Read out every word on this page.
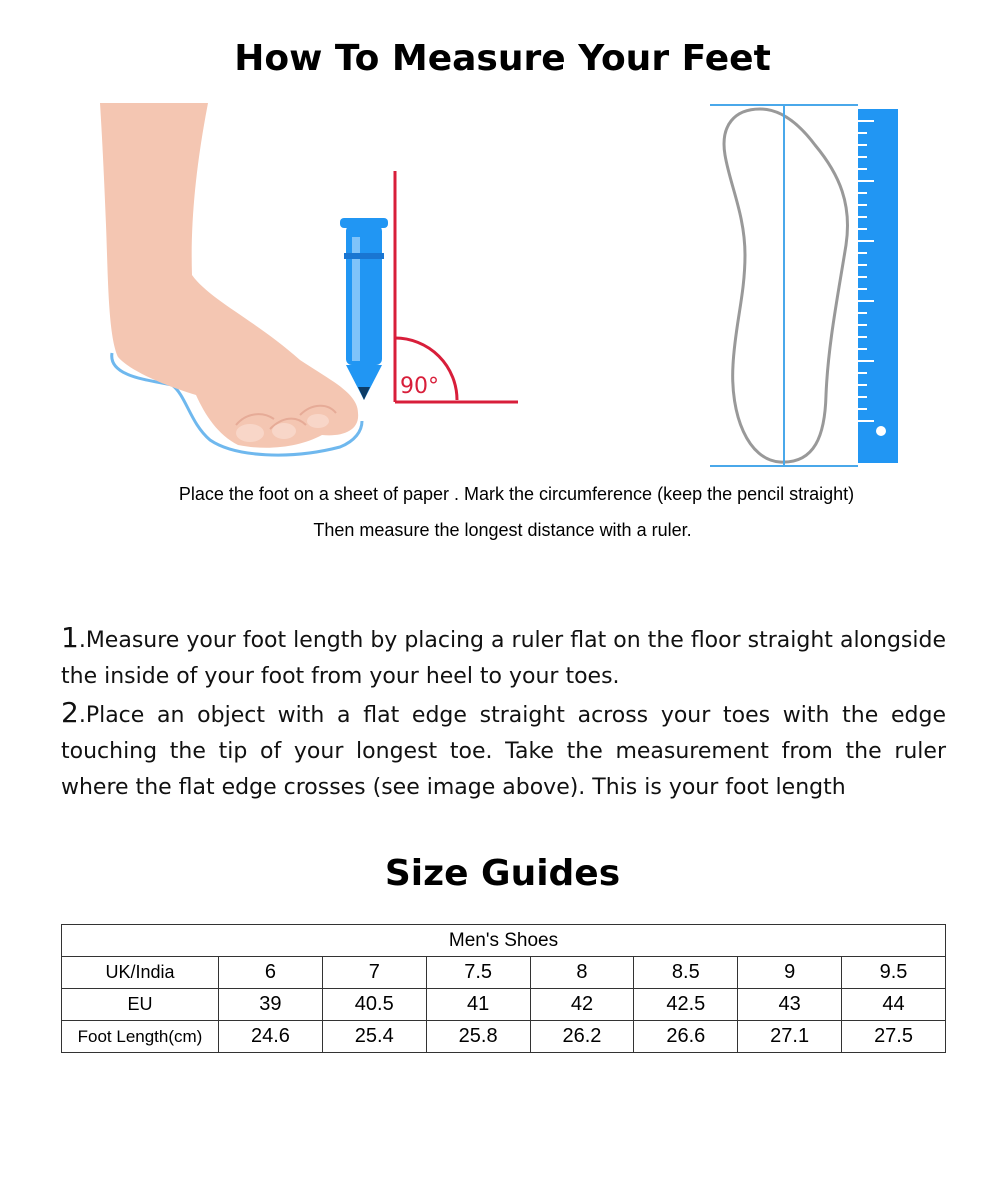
How To Measure Your Feet
90°
Place the foot on a sheet of paper . Mark the circumference (keep the pencil straight)
Then measure the longest distance with a ruler.

1.Measure your foot length by placing a ruler flat on the floor straight alongside the inside of your foot from your heel to your toes.

2.Place an object with a flat edge straight across your toes with the edge touching the tip of your longest toe. Take the measurement from the ruler where the flat edge crosses (see image above). This is your foot length

Size Guides
Men's Shoes							
UK/India	6	7	7.5	8	8.5	9	9.5
EU	39	40.5	41	42	42.5	43	44
Foot Length(cm)	24.6	25.4	25.8	26.2	26.6	27.1	27.5
